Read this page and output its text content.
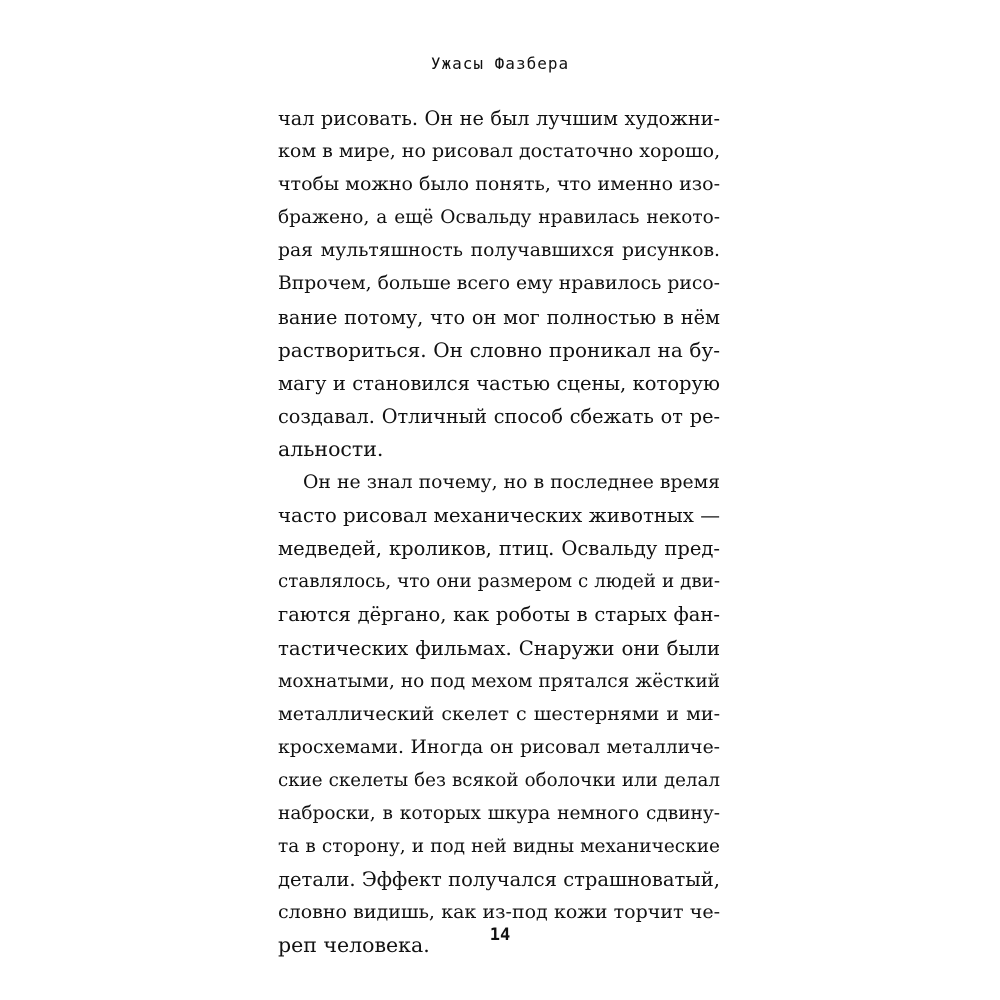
Ужасы Фазбера
чал рисовать. Он не был лучшим художни-
ком в мире, но рисовал достаточно хорошо,
чтобы можно было понять, что именно изо-
бражено, а ещё Освальду нравилась некото-
рая мультяшность получавшихся рисунков.
Впрочем, больше всего ему нравилось рисо-
вание потому, что он мог полностью в нём
раствориться. Он словно проникал на бу-
магу и становился частью сцены, которую
создавал. Отличный способ сбежать от ре-
альности.
Он не знал почему, но в последнее время
часто рисовал механических животных —
медведей, кроликов, птиц. Освальду пред-
ставлялось, что они размером с людей и дви-
гаются дёргано, как роботы в старых фан-
тастических фильмах. Снаружи они были
мохнатыми, но под мехом прятался жёсткий
металлический скелет с шестернями и ми-
кросхемами. Иногда он рисовал металличе-
ские скелеты без всякой оболочки или делал
наброски, в которых шкура немного сдвину-
та в сторону, и под ней видны механические
детали. Эффект получался страшноватый,
словно видишь, как из-под кожи торчит че-
реп человека.	14
